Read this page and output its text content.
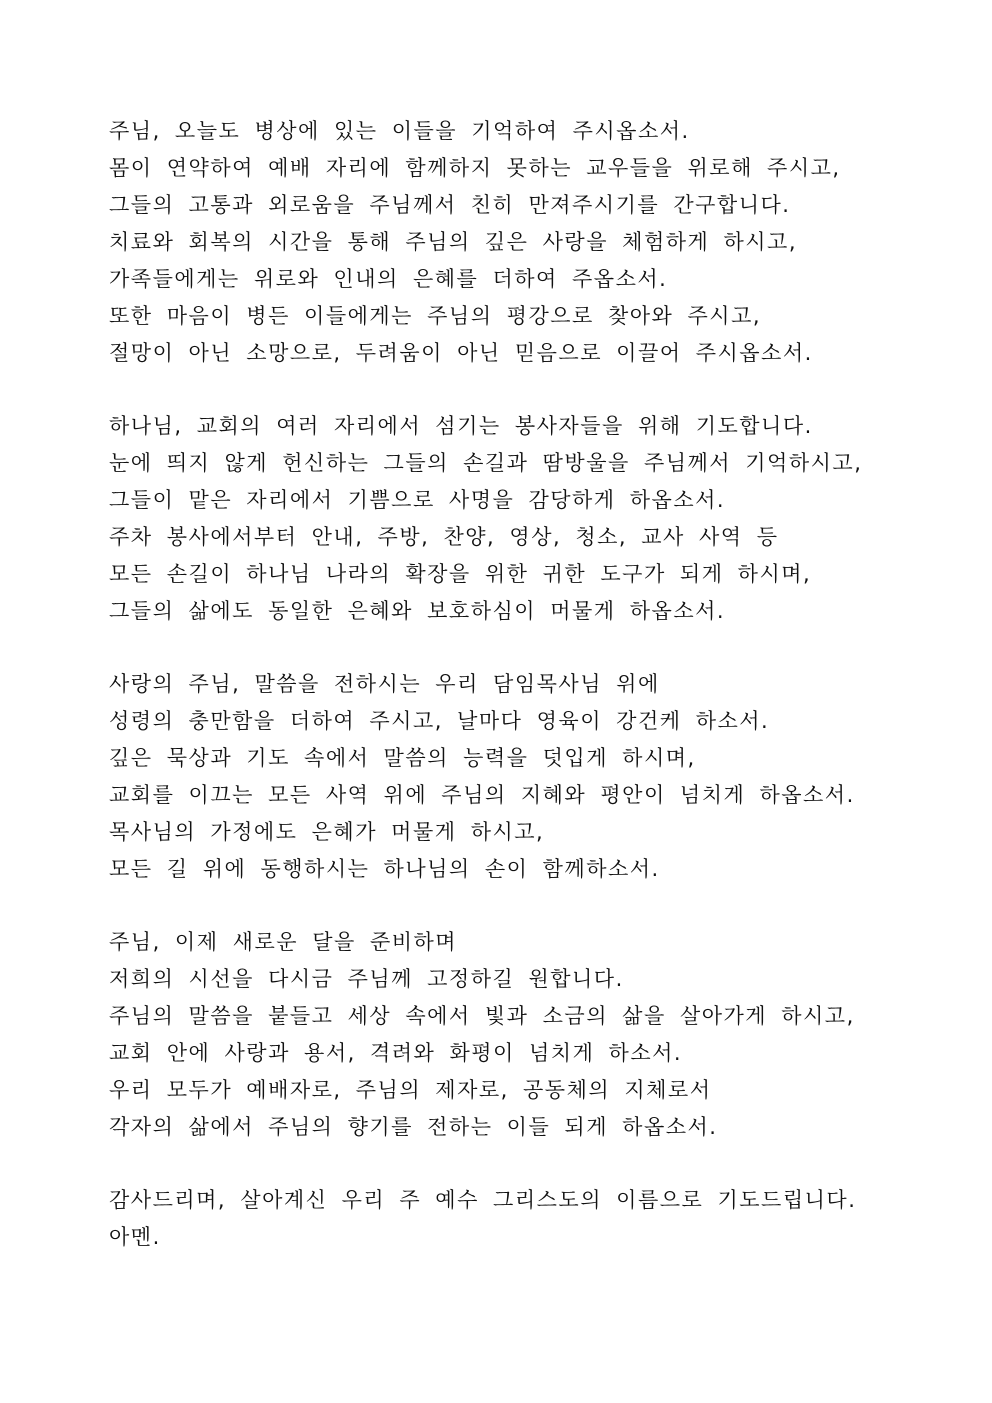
주님, 오늘도 병상에 있는 이들을 기억하여 주시옵소서.
몸이 연약하여 예배 자리에 함께하지 못하는 교우들을 위로해 주시고,
그들의 고통과 외로움을 주님께서 친히 만져주시기를 간구합니다.
치료와 회복의 시간을 통해 주님의 깊은 사랑을 체험하게 하시고,
가족들에게는 위로와 인내의 은혜를 더하여 주옵소서.
또한 마음이 병든 이들에게는 주님의 평강으로 찾아와 주시고,
절망이 아닌 소망으로, 두려움이 아닌 믿음으로 이끌어 주시옵소서.
하나님, 교회의 여러 자리에서 섬기는 봉사자들을 위해 기도합니다.
눈에 띄지 않게 헌신하는 그들의 손길과 땀방울을 주님께서 기억하시고,
그들이 맡은 자리에서 기쁨으로 사명을 감당하게 하옵소서.
주차 봉사에서부터 안내, 주방, 찬양, 영상, 청소, 교사 사역 등
모든 손길이 하나님 나라의 확장을 위한 귀한 도구가 되게 하시며,
그들의 삶에도 동일한 은혜와 보호하심이 머물게 하옵소서.
사랑의 주님, 말씀을 전하시는 우리 담임목사님 위에
성령의 충만함을 더하여 주시고, 날마다 영육이 강건케 하소서.
깊은 묵상과 기도 속에서 말씀의 능력을 덧입게 하시며,
교회를 이끄는 모든 사역 위에 주님의 지혜와 평안이 넘치게 하옵소서.
목사님의 가정에도 은혜가 머물게 하시고,
모든 길 위에 동행하시는 하나님의 손이 함께하소서.
주님, 이제 새로운 달을 준비하며
저희의 시선을 다시금 주님께 고정하길 원합니다.
주님의 말씀을 붙들고 세상 속에서 빛과 소금의 삶을 살아가게 하시고,
교회 안에 사랑과 용서, 격려와 화평이 넘치게 하소서.
우리 모두가 예배자로, 주님의 제자로, 공동체의 지체로서
각자의 삶에서 주님의 향기를 전하는 이들 되게 하옵소서.
감사드리며, 살아계신 우리 주 예수 그리스도의 이름으로 기도드립니다.
아멘.
